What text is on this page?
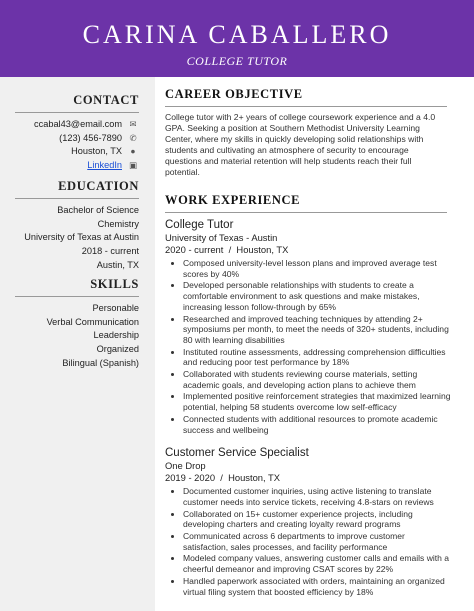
CARINA CABALLERO
COLLEGE TUTOR
CONTACT
ccabal43@email.com ✉
(123) 456-7890 ✆
Houston, TX ●
LinkedIn ▣
EDUCATION
Bachelor of Science
Chemistry
University of Texas at Austin
2018 - current
Austin, TX
SKILLS
Personable
Verbal Communication
Leadership
Organized
Bilingual (Spanish)
CAREER OBJECTIVE
College tutor with 2+ years of college coursework experience and a 4.0 GPA. Seeking a position at Southern Methodist University Learning Center, where my skills in quickly developing solid relationships with students and cultivating an atmosphere of security to encourage questions and material retention will help students reach their full potential.
WORK EXPERIENCE
College Tutor
University of Texas - Austin
2020 - current  /  Houston, TX
• Composed university-level lesson plans and improved average test scores by 40%
• Developed personable relationships with students to create a comfortable environment to ask questions and make mistakes, increasing lesson follow-through by 65%
• Researched and improved teaching techniques by attending 2+ symposiums per month, to meet the needs of 320+ students, including 80 with learning disabilities
• Instituted routine assessments, addressing comprehension difficulties and reducing poor test performance by 18%
• Collaborated with students reviewing course materials, setting academic goals, and developing action plans to achieve them
• Implemented positive reinforcement strategies that maximized learning potential, helping 58 students overcome low self-efficacy
• Connected students with additional resources to promote academic success and wellbeing
Customer Service Specialist
One Drop
2019 - 2020  /  Houston, TX
• Documented customer inquiries, using active listening to translate customer needs into service tickets, receiving 4.8-stars on reviews
• Collaborated on 15+ customer experience projects, including developing charters and creating loyalty reward programs
• Communicated across 6 departments to improve customer satisfaction, sales processes, and facility performance
• Modeled company values, answering customer calls and emails with a cheerful demeanor and improving CSAT scores by 22%
• Handled paperwork associated with orders, maintaining an organized virtual filing system that boosted efficiency by 18%
